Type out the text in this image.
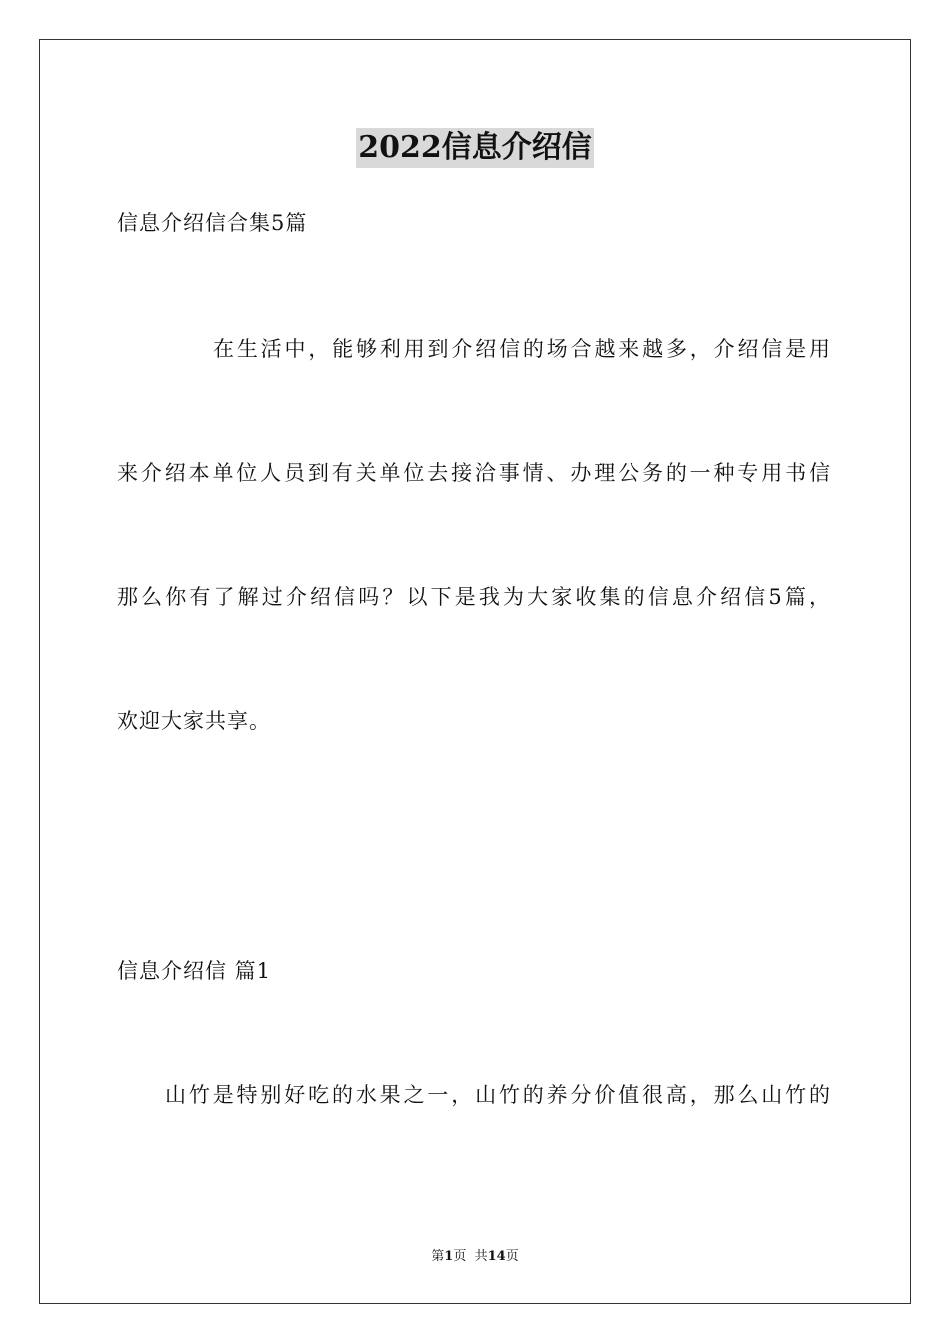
2022信息介绍信
信息介绍信合集5篇
在生活中，能够利用到介绍信的场合越来越多，介绍信是用
来介绍本单位人员到有关单位去接洽事情、办理公务的一种专用书信
那么你有了解过介绍信吗？以下是我为大家收集的信息介绍信5篇，
欢迎大家共享。
信息介绍信 篇1
山竹是特别好吃的水果之一，山竹的养分价值很高，那么山竹的
第1页  共14页
